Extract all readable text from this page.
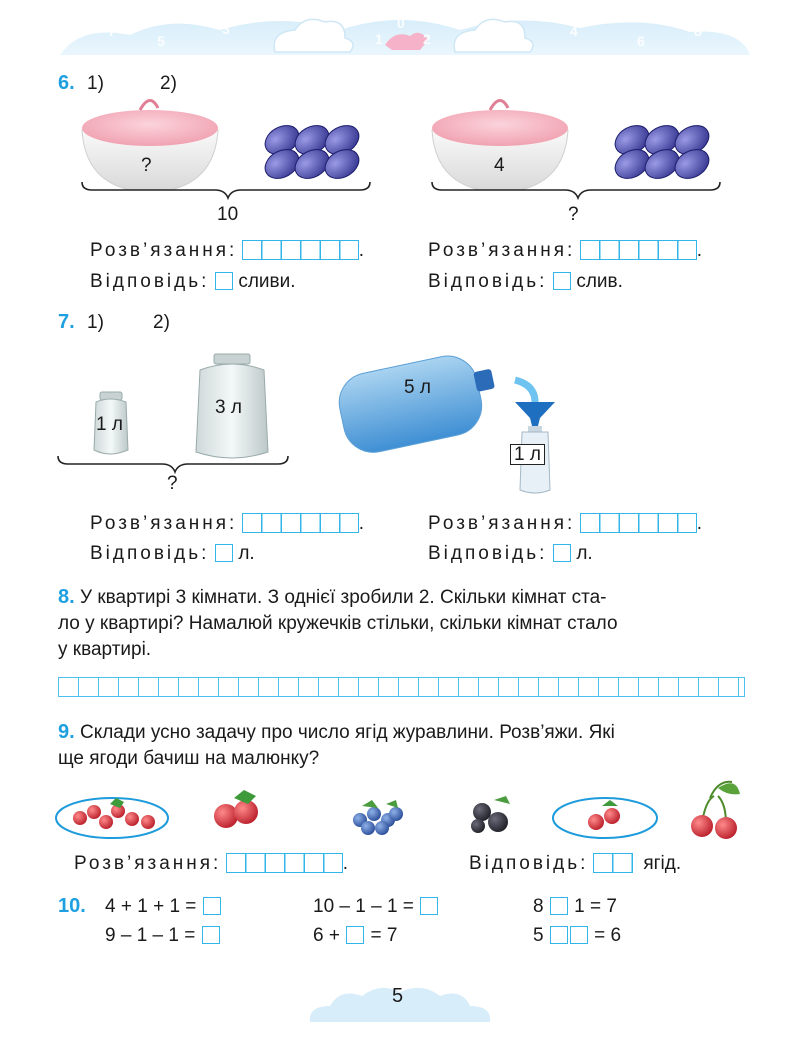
7
5
3
1
0
2	4
6
8
6. 1)	2)
?	4
10	?
Розв’язання:	.
Відповідь: сливи.
Розв’язання:	.
Відповідь: слив.
7. 1)	2)
1 л
3 л
?
5 л
1 л
Розв’язання:	.
Відповідь: л.
Розв’язання:	.
Відповідь: л.
8. У квартирі 3 кімнати. З однієї зробили 2. Скільки кімнат ста-
ло у квартирі? Намалюй кружечків стільки, скільки кімнат стало
у квартирі.
9. Склади усно задачу про число ягід журавлини. Розв’яжи. Які
ще ягоди бачиш на малюнку?
Розв’язання:	.	Відповідь:	ягід.
10. 4 + 1 + 1 =
9 – 1 – 1 =
10 – 1 – 1 =
6 + = 7
8 1 = 7
5	= 6
5
